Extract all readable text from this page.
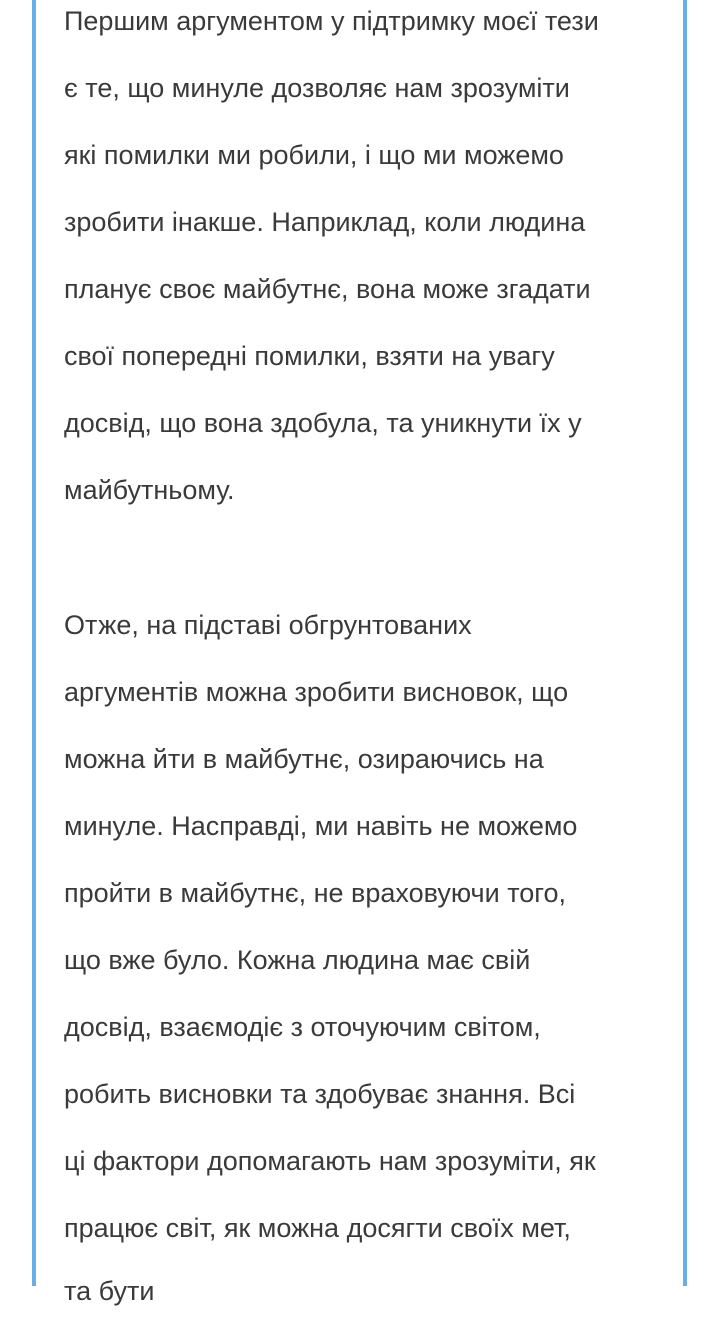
Першим аргументом у підтримку моєї тези
є те, що минуле дозволяє нам зрозуміти
які помилки ми робили, і що ми можемо
зробити інакше. Наприклад, коли людина
планує своє майбутнє, вона може згадати
свої попередні помилки, взяти на увагу
досвід, що вона здобула, та уникнути їх у
майбутньому.
Отже, на підставі обгрунтованих
аргументів можна зробити висновок, що
можна йти в майбутнє, озираючись на
минуле. Насправді, ми навіть не можемо
пройти в майбутнє, не враховуючи того,
що вже було. Кожна людина має свій
досвід, взаємодіє з оточуючим світом,
робить висновки та здобуває знання. Всі
ці фактори допомагають нам зрозуміти, як
працює світ, як можна досягти своїх мет,
та бути
